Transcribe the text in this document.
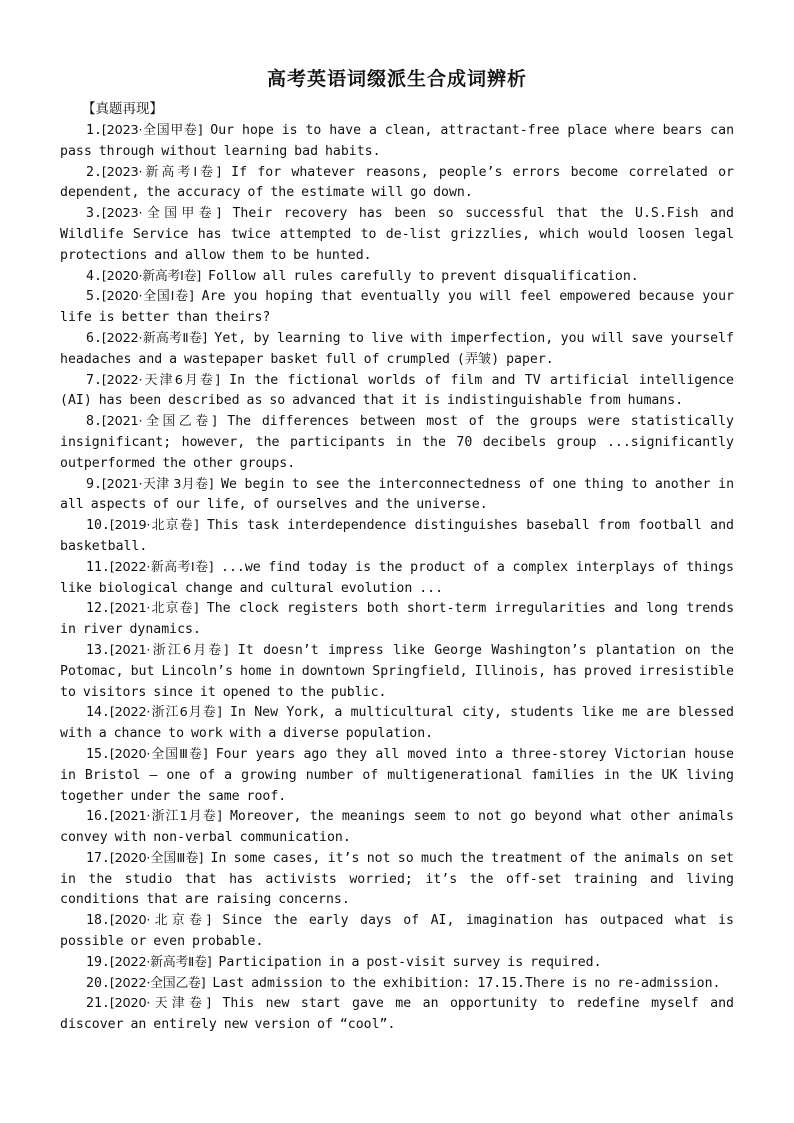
高考英语词缀派生合成词辨析
【真题再现】

1.[2023·全国甲卷] Our hope is to have a clean, attractant-free place where bears can pass through without learning bad habits.

2.[2023·新高考Ⅰ卷] If for whatever reasons, people’s errors become correlated or dependent, the accuracy of the estimate will go down.

3.[2023·全国甲卷] Their recovery has been so successful that the U.S.Fish and Wildlife Service has twice attempted to de-list grizzlies, which would loosen legal protections and allow them to be hunted.

4.[2020·新高考Ⅰ卷] Follow all rules carefully to prevent disqualification.

5.[2020·全国Ⅰ卷] Are you hoping that eventually you will feel empowered because your life is better than theirs?

6.[2022·新高考Ⅱ卷] Yet, by learning to live with imperfection, you will save yourself headaches and a wastepaper basket full of crumpled (弄皱) paper.

7.[2022·天津6月卷] In the fictional worlds of film and TV artificial intelligence (AI) has been described as so advanced that it is indistinguishable from humans.

8.[2021·全国乙卷] The differences between most of the groups were statistically insignificant; however, the participants in the 70 decibels group ...significantly outperformed the other groups.

9.[2021·天津 3月卷] We begin to see the interconnectedness of one thing to another in all aspects of our life, of ourselves and the universe.

10.[2019·北京卷] This task interdependence distinguishes baseball from football and basketball.

11.[2022·新高考Ⅰ卷] ...we find today is the product of a complex interplays of things like biological change and cultural evolution ...

12.[2021·北京卷] The clock registers both short-term irregularities and long trends in river dynamics.

13.[2021·浙江6月卷] It doesn’t impress like George Washington’s plantation on the Potomac, but Lincoln’s home in downtown Springfield, Illinois, has proved irresistible to visitors since it opened to the public.

14.[2022·浙江6月卷] In New York, a multicultural city, students like me are blessed with a chance to work with a diverse population.

15.[2020·全国Ⅲ卷] Four years ago they all moved into a three-storey Victorian house in Bristol — one of a growing number of multigenerational families in the UK living together under the same roof.

16.[2021·浙江1月卷] Moreover, the meanings seem to not go beyond what other animals convey with non-verbal communication.

17.[2020·全国Ⅲ卷] In some cases, it’s not so much the treatment of the animals on set in the studio that has activists worried; it’s the off-set training and living conditions that are raising concerns.

18.[2020·北京卷] Since the early days of AI, imagination has outpaced what is possible or even probable.

19.[2022·新高考Ⅱ卷] Participation in a post-visit survey is required.

20.[2022·全国乙卷] Last admission to the exhibition: 17.15.There is no re-admission.

21.[2020·天津卷] This new start gave me an opportunity to redefine myself and discover an entirely new version of “cool”.
